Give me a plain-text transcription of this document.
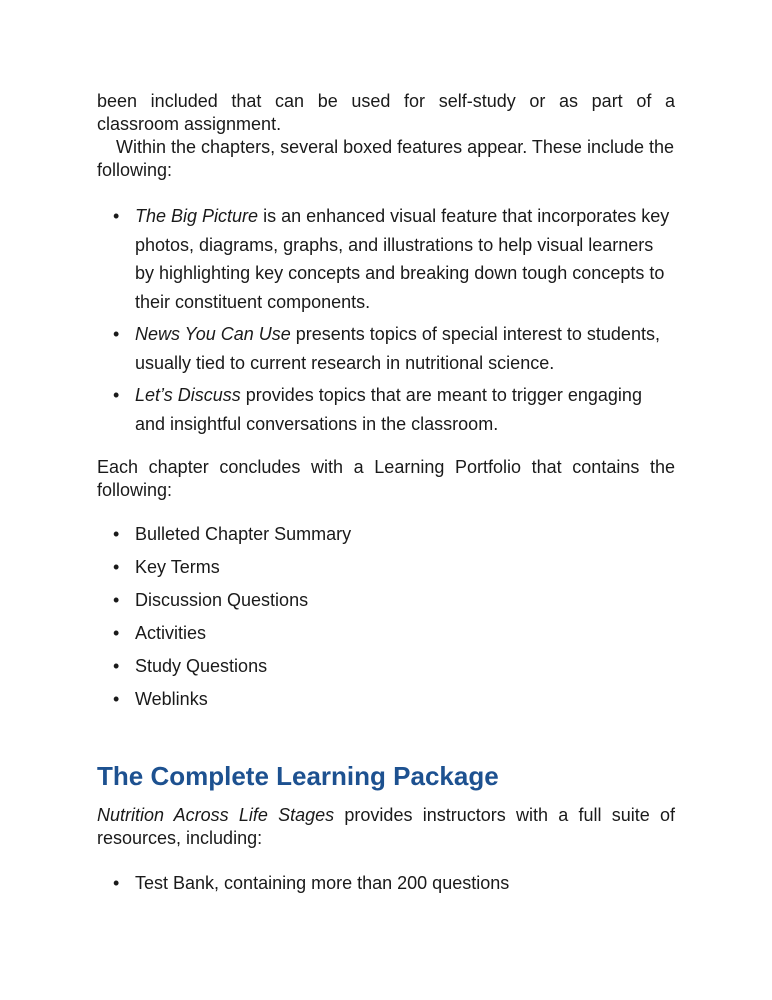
been included that can be used for self-study or as part of a

classroom assignment.

Within the chapters, several boxed features appear. These include the following:

• The Big Picture is an enhanced visual feature that incorporates key photos, diagrams, graphs, and illustrations to help visual learners by highlighting key concepts and breaking down tough concepts to their constituent components.
• News You Can Use presents topics of special interest to students, usually tied to current research in nutritional science.
• Let’s Discuss provides topics that are meant to trigger engaging and insightful conversations in the classroom.

Each chapter concludes with a Learning Portfolio that contains the following:

• Bulleted Chapter Summary
• Key Terms
• Discussion Questions
• Activities
• Study Questions
• Weblinks
The Complete Learning Package

Nutrition Across Life Stages provides instructors with a full suite of resources, including:

• Test Bank, containing more than 200 questions
